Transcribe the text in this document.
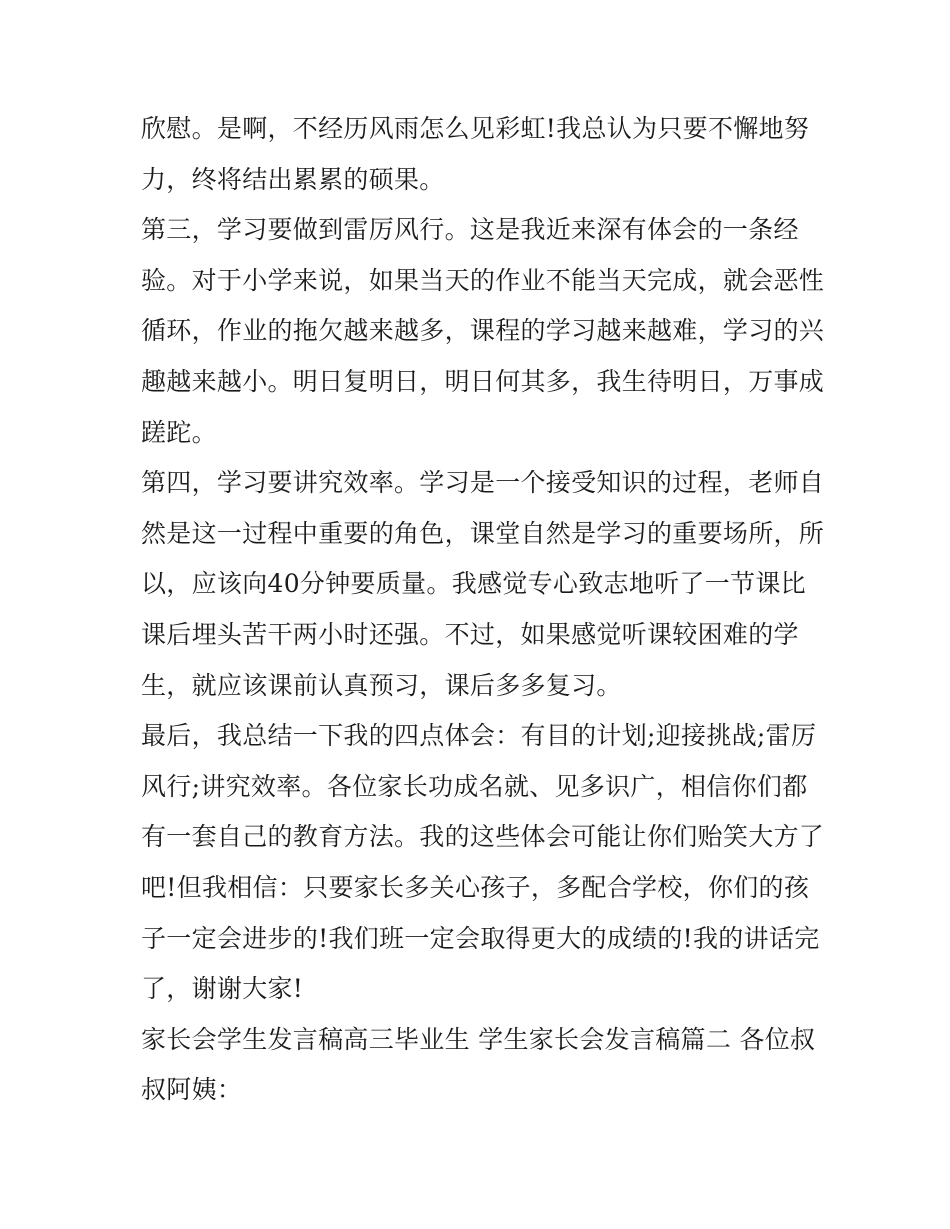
欣慰。是啊，不经历风雨怎么见彩虹!我总认为只要不懈地努
力，终将结出累累的硕果。
第三，学习要做到雷厉风行。这是我近来深有体会的一条经
验。对于小学来说，如果当天的作业不能当天完成，就会恶性
循环，作业的拖欠越来越多，课程的学习越来越难，学习的兴
趣越来越小。明日复明日，明日何其多，我生待明日，万事成
蹉跎。
第四，学习要讲究效率。学习是一个接受知识的过程，老师自
然是这一过程中重要的角色，课堂自然是学习的重要场所，所
以，应该向40分钟要质量。我感觉专心致志地听了一节课比
课后埋头苦干两小时还强。不过，如果感觉听课较困难的学
生，就应该课前认真预习，课后多多复习。
最后，我总结一下我的四点体会：有目的计划;迎接挑战;雷厉
风行;讲究效率。各位家长功成名就、见多识广，相信你们都
有一套自己的教育方法。我的这些体会可能让你们贻笑大方了
吧!但我相信：只要家长多关心孩子，多配合学校，你们的孩
子一定会进步的!我们班一定会取得更大的成绩的!我的讲话完
了，谢谢大家!
家长会学生发言稿高三毕业生 学生家长会发言稿篇二 各位叔
叔阿姨：
